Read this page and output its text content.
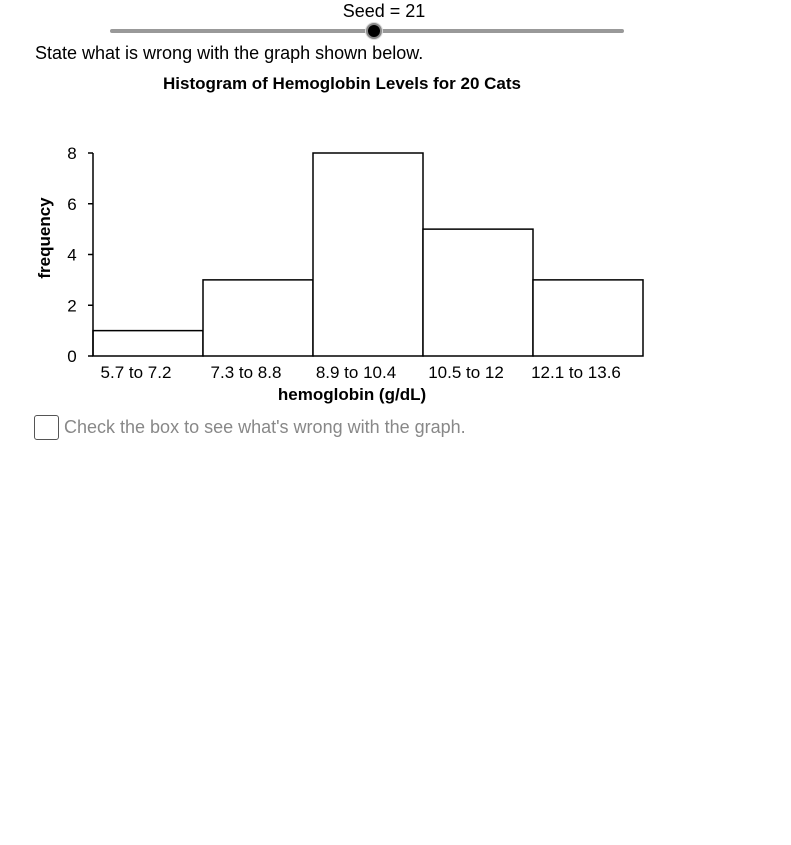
Seed = 21
State what is wrong with the graph shown below.
Histogram of Hemoglobin Levels for 20 Cats
0
2
4
6
8
5.7 to 7.2 7.3 to 8.8 8.9 to 10.4 10.5 to 12 12.1 to 13.6
frequency
hemoglobin (g/dL)
Check the box to see what's wrong with the graph.
